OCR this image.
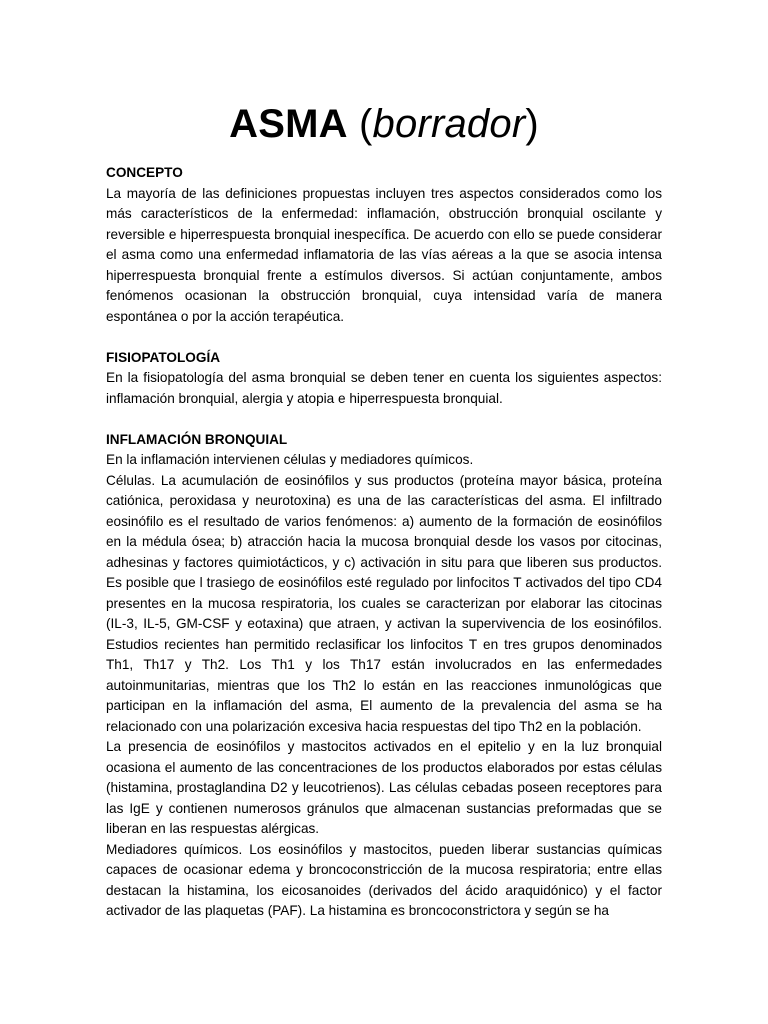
ASMA (borrador)

CONCEPTO

La mayoría de las definiciones propuestas incluyen tres aspectos considerados como los más característicos de la enfermedad: inflamación, obstrucción bronquial oscilante y reversible e hiperrespuesta bronquial inespecífica. De acuerdo con ello se puede considerar el asma como una enfermedad inflamatoria de las vías aéreas a la que se asocia intensa hiperrespuesta bronquial frente a estímulos diversos. Si actúan conjuntamente, ambos fenómenos ocasionan la obstrucción bronquial, cuya intensidad varía de manera espontánea o por la acción terapéutica.

FISIOPATOLOGÍA

En la fisiopatología del asma bronquial se deben tener en cuenta los siguientes aspectos: inflamación bronquial, alergia y atopia e hiperrespuesta bronquial.

INFLAMACIÓN BRONQUIAL

En la inflamación intervienen células y mediadores químicos.

Células. La acumulación de eosinófilos y sus productos (proteína mayor básica, proteína catiónica, peroxidasa y neurotoxina) es una de las características del asma. El infiltrado eosinófilo es el resultado de varios fenómenos: a) aumento de la formación de eosinófilos en la médula ósea; b) atracción hacia la mucosa bronquial desde los vasos por citocinas, adhesinas y factores quimiotácticos, y c) activación in situ para que liberen sus productos. Es posible que l trasiego de eosinófilos esté regulado por linfocitos T activados del tipo CD4 presentes en la mucosa respiratoria, los cuales se caracterizan por elaborar las citocinas (IL-3, IL-5, GM-CSF y eotaxina) que atraen, y activan la supervivencia de los eosinófilos. Estudios recientes han permitido reclasificar los linfocitos T en tres grupos denominados Th1, Th17 y Th2. Los Th1 y los Th17 están involucrados en las enfermedades autoinmunitarias, mientras que los Th2 lo están en las reacciones inmunológicas que participan en la inflamación del asma, El aumento de la prevalencia del asma se ha relacionado con una polarización excesiva hacia respuestas del tipo Th2 en la población.

La presencia de eosinófilos y mastocitos activados en el epitelio y en la luz bronquial ocasiona el aumento de las concentraciones de los productos elaborados por estas células (histamina, prostaglandina D2 y leucotrienos). Las células cebadas poseen receptores para las IgE y contienen numerosos gránulos que almacenan sustancias preformadas que se liberan en las respuestas alérgicas.

Mediadores químicos. Los eosinófilos y mastocitos, pueden liberar sustancias químicas capaces de ocasionar edema y broncoconstricción de la mucosa respiratoria; entre ellas destacan la histamina, los eicosanoides (derivados del ácido araquidónico) y el factor activador de las plaquetas (PAF). La histamina es broncoconstrictora y según se ha
